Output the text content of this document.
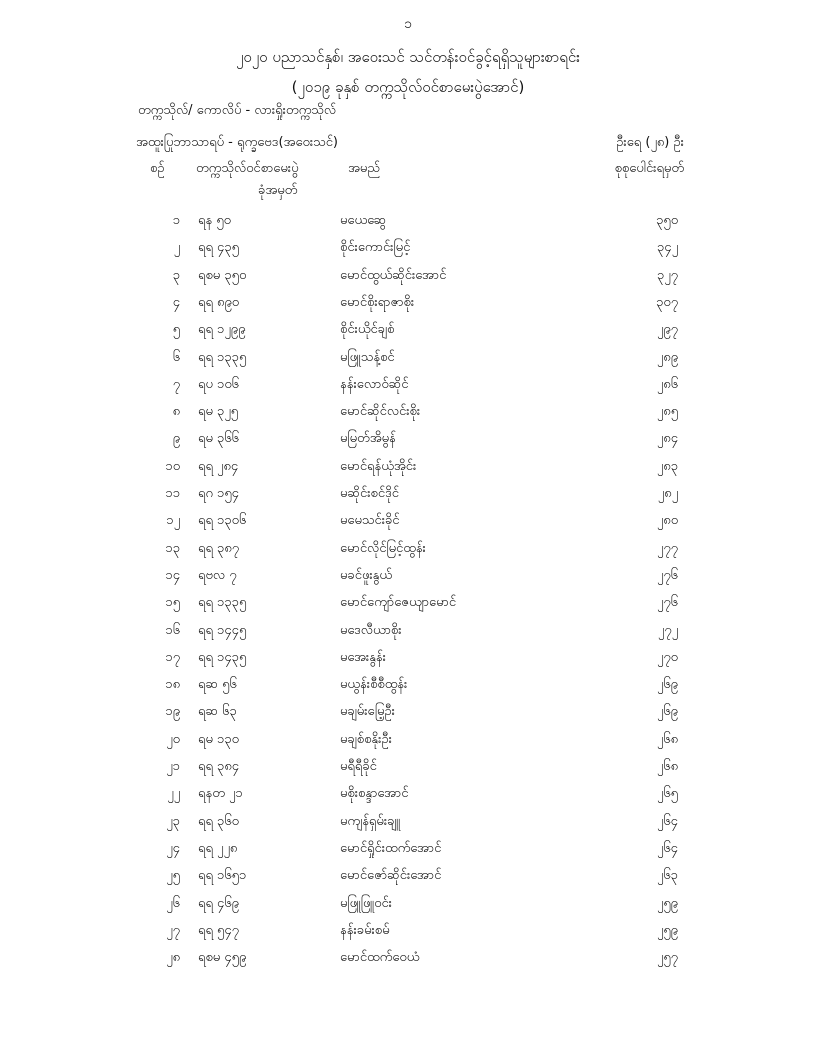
၁
၂၀၂၀ ပညာသင်နှစ်၊ အဝေးသင် သင်တန်းဝင်ခွင့်ရရှိသူများစာရင်း
(၂၀၁၉ ခုနှစ် တက္ကသိုလ်ဝင်စာမေးပွဲအောင်)
တက္ကသိုလ်/ ကောလိပ် - လားရှိုးတက္ကသိုလ်
အထူးပြုဘာသာရပ် - ရုက္ခဗေဒ(အဝေးသင်)	ဦးရေ (၂၈) ဦး
စဉ် တက္ကသိုလ်ဝင်စာမေးပွဲ
ခုံအမှတ်
အမည်	စုစုပေါင်းရမှတ်
၁ ရန ၅၀	မယေဆွေ	၃၅၀
၂ ရရ ၄၃၅	စိုင်းကောင်းမြင့်	၃၄၂
၃ ရစမ ၃၅၀	မောင်ထွယ်ဆိုင်းအောင်	၃၂၇
၄ ရရ ၈၉၀	မောင်စိုးရာဇာစိုး	၃၀၇
၅ ရရ ၁၂၉၉	စိုင်းယိုင်ချစ်	၂၉၇
၆ ရရ ၁၃၃၅	မဖြူသန့်စင်	၂၈၉
၇ ရပ ၁၀၆	နန်းလောဝ်ဆိုင်	၂၈၆
၈ ရမ ၃၂၅	မောင်ဆိုင်လင်းစိုး	၂၈၅
၉ ရမ ၃၆၆	မမြတ်အိမွန်	၂၈၄
၁၀ ရရ ၂၈၄	မောင်ရန်ယုံအိုင်း	၂၈၃
၁၁ ရဂ ၁၅၄	မဆိုင်းစင်ဒိုင်	၂၈၂
၁၂ ရရ ၁၃၀၆	မမေသင်းခိုင်	၂၈၀
၁၃ ရရ ၃၈၇	မောင်လိုင်မြင့်ထွန်း	၂၇၇
၁၄ ရဗလ ၇	မခင်ဖူးနွယ်	၂၇၆
၁၅ ရရ ၁၃၃၅	မောင်ကျော်ဇေယျာမောင်	၂၇၆
၁၆ ရရ ၁၄၄၅	မဒေလီယာစိုး	၂၇၂
၁၇ ရရ ၁၄၃၅	မအေးနွန်း	၂၇၀
၁၈ ရဆ ၅၆	မယွန်းစီစီထွန်း	၂၆၉
၁၉ ရဆ ၆၃	မချမ်းမြေ့ဦး	၂၆၉
၂၀ ရမ ၁၃၀	မချစ်စနိုးဦး	၂၆၈
၂၁ ရရ ၃၈၄	မရီရီခိုင်	၂၆၈
၂၂ ရနတ ၂၁	မစိုးစန္ဒာအောင်	၂၆၅
၂၃ ရရ ၃၆၀	မကျန်ရှမ်းချူ	၂၆၄
၂၄ ရရ ၂၂၈	မောင်ရှိုင်းထက်အောင်	၂၆၄
၂၅ ရရ ၁၆၅၁	မောင်ဇော်ဆိုင်းအောင်	၂၆၃
၂၆ ရရ ၄၆၉	မဖြူဖြူဝင်း	၂၅၉
၂၇ ရရ ၅၄၇	နန်းခမ်းစမ်	၂၅၉
၂၈ ရစမ ၄၅၉	မောင်ထက်ဝေယံ	၂၅၇
